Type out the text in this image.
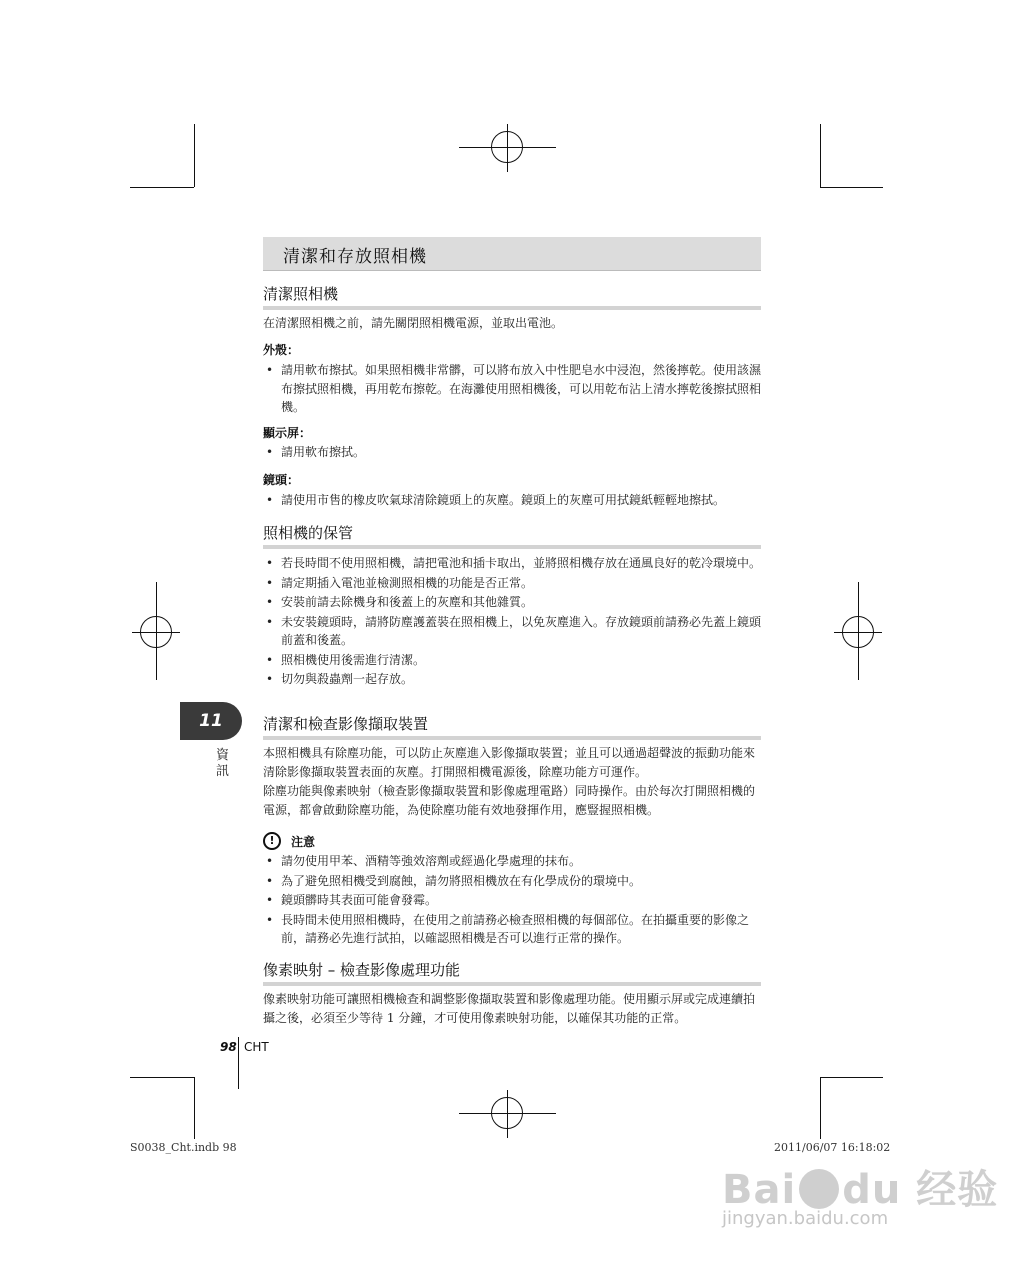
清潔和存放照相機
清潔照相機

在清潔照相機之前，請先關閉照相機電源，並取出電池。

外殼：
• 請用軟布擦拭。如果照相機非常髒，可以將布放入中性肥皂水中浸泡，然後擰乾。使用該濕布擦拭照相機，再用乾布擦乾。在海灘使用照相機後，可以用乾布沾上清水擰乾後擦拭照相機。
顯示屏：
• 請用軟布擦拭。
鏡頭：
• 請使用市售的橡皮吹氣球清除鏡頭上的灰塵。鏡頭上的灰塵可用拭鏡紙輕輕地擦拭。
照相機的保管
• 若長時間不使用照相機，請把電池和插卡取出，並將照相機存放在通風良好的乾冷環境中。
• 請定期插入電池並檢測照相機的功能是否正常。
• 安裝前請去除機身和後蓋上的灰塵和其他雜質。
• 未安裝鏡頭時，請將防塵護蓋裝在照相機上，以免灰塵進入。存放鏡頭前請務必先蓋上鏡頭前蓋和後蓋。
• 照相機使用後需進行清潔。
• 切勿與殺蟲劑一起存放。
11
資訊
清潔和檢查影像擷取裝置

本照相機具有除塵功能，可以防止灰塵進入影像擷取裝置；並且可以通過超聲波的振動功能來清除影像擷取裝置表面的灰塵。打開照相機電源後，除塵功能方可運作。

除塵功能與像素映射（檢查影像擷取裝置和影像處理電路）同時操作。由於每次打開照相機的電源，都會啟動除塵功能，為使除塵功能有效地發揮作用，應豎握照相機。

!	注意
• 請勿使用甲苯、酒精等強效溶劑或經過化學處理的抹布。
• 為了避免照相機受到腐蝕，請勿將照相機放在有化學成份的環境中。
• 鏡頭髒時其表面可能會發霉。
• 長時間未使用照相機時，在使用之前請務必檢查照相機的每個部位。在拍攝重要的影像之前，請務必先進行試拍，以確認照相機是否可以進行正常的操作。
像素映射 – 檢查影像處理功能

像素映射功能可讓照相機檢查和調整影像擷取裝置和影像處理功能。使用顯示屏或完成連續拍攝之後，必須至少等待 1 分鐘，才可使用像素映射功能，以確保其功能的正常。

98 CHT
S0038_Cht.indb 98	2011/06/07 16:18:02
Bai du 经验
jingyan.baidu.com
